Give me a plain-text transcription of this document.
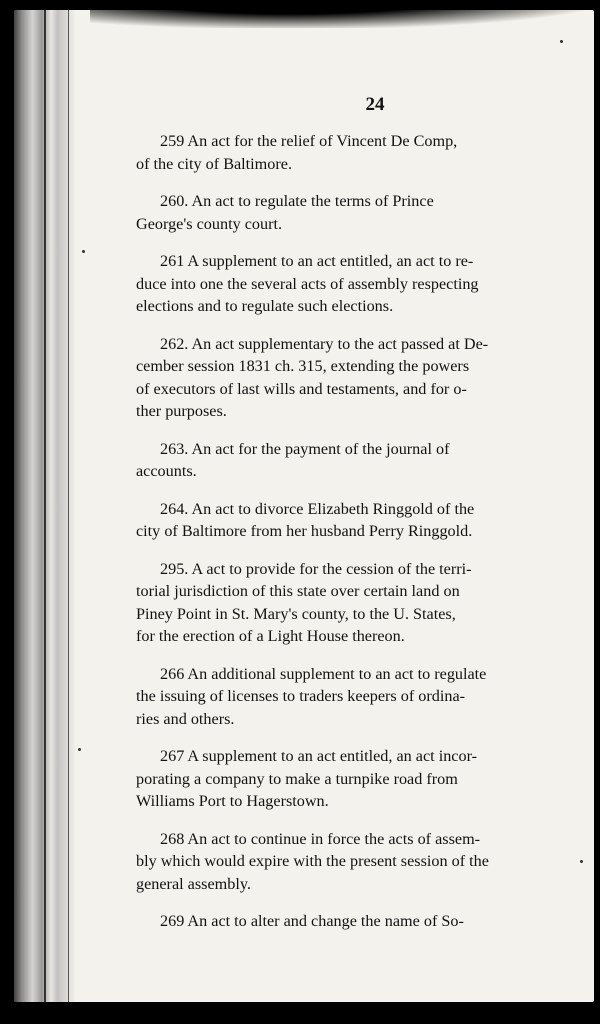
24
259 An act for the relief of Vincent De Comp,
of the city of Baltimore.
260. An act to regulate the terms of Prince
George's county court.
261 A supplement to an act entitled, an act to re-
duce into one the several acts of assembly respecting
elections and to regulate such elections.
262. An act supplementary to the act passed at De-
cember session 1831 ch. 315, extending the powers
of executors of last wills and testaments, and for o-
ther purposes.
263. An act for the payment of the journal of
accounts.
264. An act to divorce Elizabeth Ringgold of the
city of Baltimore from her husband Perry Ringgold.
295. A act to provide for the cession of the terri-
torial jurisdiction of this state over certain land on
Piney Point in St. Mary's county, to the U. States,
for the erection of a Light House thereon.
266 An additional supplement to an act to regulate
the issuing of licenses to traders keepers of ordina-
ries and others.
267 A supplement to an act entitled, an act incor-
porating a company to make a turnpike road from
Williams Port to Hagerstown.
268 An act to continue in force the acts of assem-
bly which would expire with the present session of the
general assembly.
269 An act to alter and change the name of So-
